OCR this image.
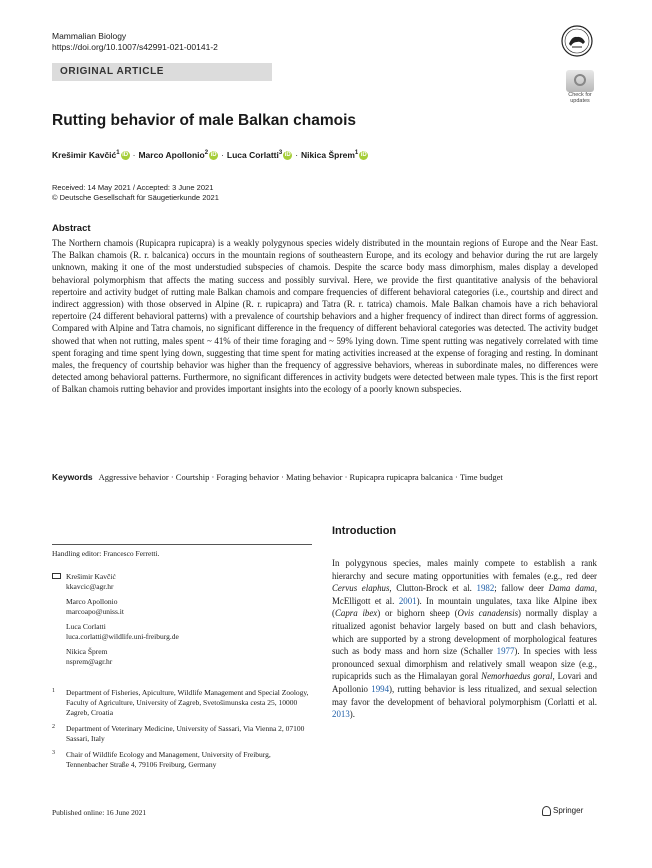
Mammalian Biology
https://doi.org/10.1007/s42991-021-00141-2
ORIGINAL ARTICLE
Check for updates
Rutting behavior of male Balkan chamois
Krešimir Kavčić$^1$ iD · Marco Apollonio$^2$ iD · Luca Corlatti$^3$ iD · Nikica Šprem$^1$ iD
Received: 14 May 2021 / Accepted: 3 June 2021
© Deutsche Gesellschaft für Säugetierkunde 2021
Abstract
The Northern chamois (Rupicapra rupicapra) is a weakly polygynous species widely distributed in the mountain regions of Europe and the Near East. The Balkan chamois (R. r. balcanica) occurs in the mountain regions of southeastern Europe, and its ecology and behavior during the rut are largely unknown, making it one of the most understudied subspecies of chamois. Despite the scarce body mass dimorphism, males display a developed behavioral polymorphism that affects the mating success and possibly survival. Here, we provide the first quantitative analysis of the behavioral repertoire and activity budget of rutting male Balkan chamois and compare frequencies of different behavioral categories (i.e., courtship and direct and indirect aggression) with those observed in Alpine (R. r. rupicapra) and Tatra (R. r. tatrica) chamois. Male Balkan chamois have a rich behavioral repertoire (24 different behavioral patterns) with a prevalence of courtship behaviors and a higher frequency of indirect than direct forms of aggression. Compared with Alpine and Tatra chamois, no significant difference in the frequency of different behavioral categories was detected. The activity budget showed that when not rutting, males spent ~ 41% of their time foraging and ~ 59% lying down. Time spent rutting was negatively correlated with time spent foraging and time spent lying down, suggesting that time spent for mating activities increased at the expense of foraging and resting. In dominant males, the frequency of courtship behavior was higher than the frequency of aggressive behaviors, whereas in subordinate males, no differences were detected among behavioral patterns. Furthermore, no significant differences in activity budgets were detected between male types. This is the first report of Balkan chamois rutting behavior and provides important insights into the ecology of a poorly known subspecies.
Keywords Aggressive behavior · Courtship · Foraging behavior · Mating behavior · Rupicapra rupicapra balcanica · Time budget
Handling editor: Francesco Ferretti.
Krešimir Kavčić
kkavcic@agr.hr
Marco Apollonio
marcoapo@uniss.it
Luca Corlatti
luca.corlatti@wildlife.uni-freiburg.de
Nikica Šprem
nsprem@agr.hr
1 Department of Fisheries, Apiculture, Wildlife Management and Special Zoology, Faculty of Agriculture, University of Zagreb, Svetošimunska cesta 25, 10000 Zagreb, Croatia
2 Department of Veterinary Medicine, University of Sassari, Via Vienna 2, 07100 Sassari, Italy
3 Chair of Wildlife Ecology and Management, University of Freiburg, Tennenbacher Straße 4, 79106 Freiburg, Germany
Published online: 16 June 2021
Introduction
In polygynous species, males mainly compete to establish a rank hierarchy and secure mating opportunities with females (e.g., red deer Cervus elaphus, Clutton-Brock et al. 1982; fallow deer Dama dama, McElligott et al. 2001). In mountain ungulates, taxa like Alpine ibex (Capra ibex) or bighorn sheep (Ovis canadensis) normally display a ritualized agonist behavior largely based on butt and clash behaviors, which are supported by a strong development of morphological features such as body mass and horn size (Schaller 1977). In species with less pronounced sexual dimorphism and relatively small weapon size (e.g., rupicaprids such as the Himalayan goral Nemorhaedus goral, Lovari and Apollonio 1994), rutting behavior is less ritualized, and sexual selection may favor the development of behavioral polymorphism (Corlatti et al. 2013).
Springer
